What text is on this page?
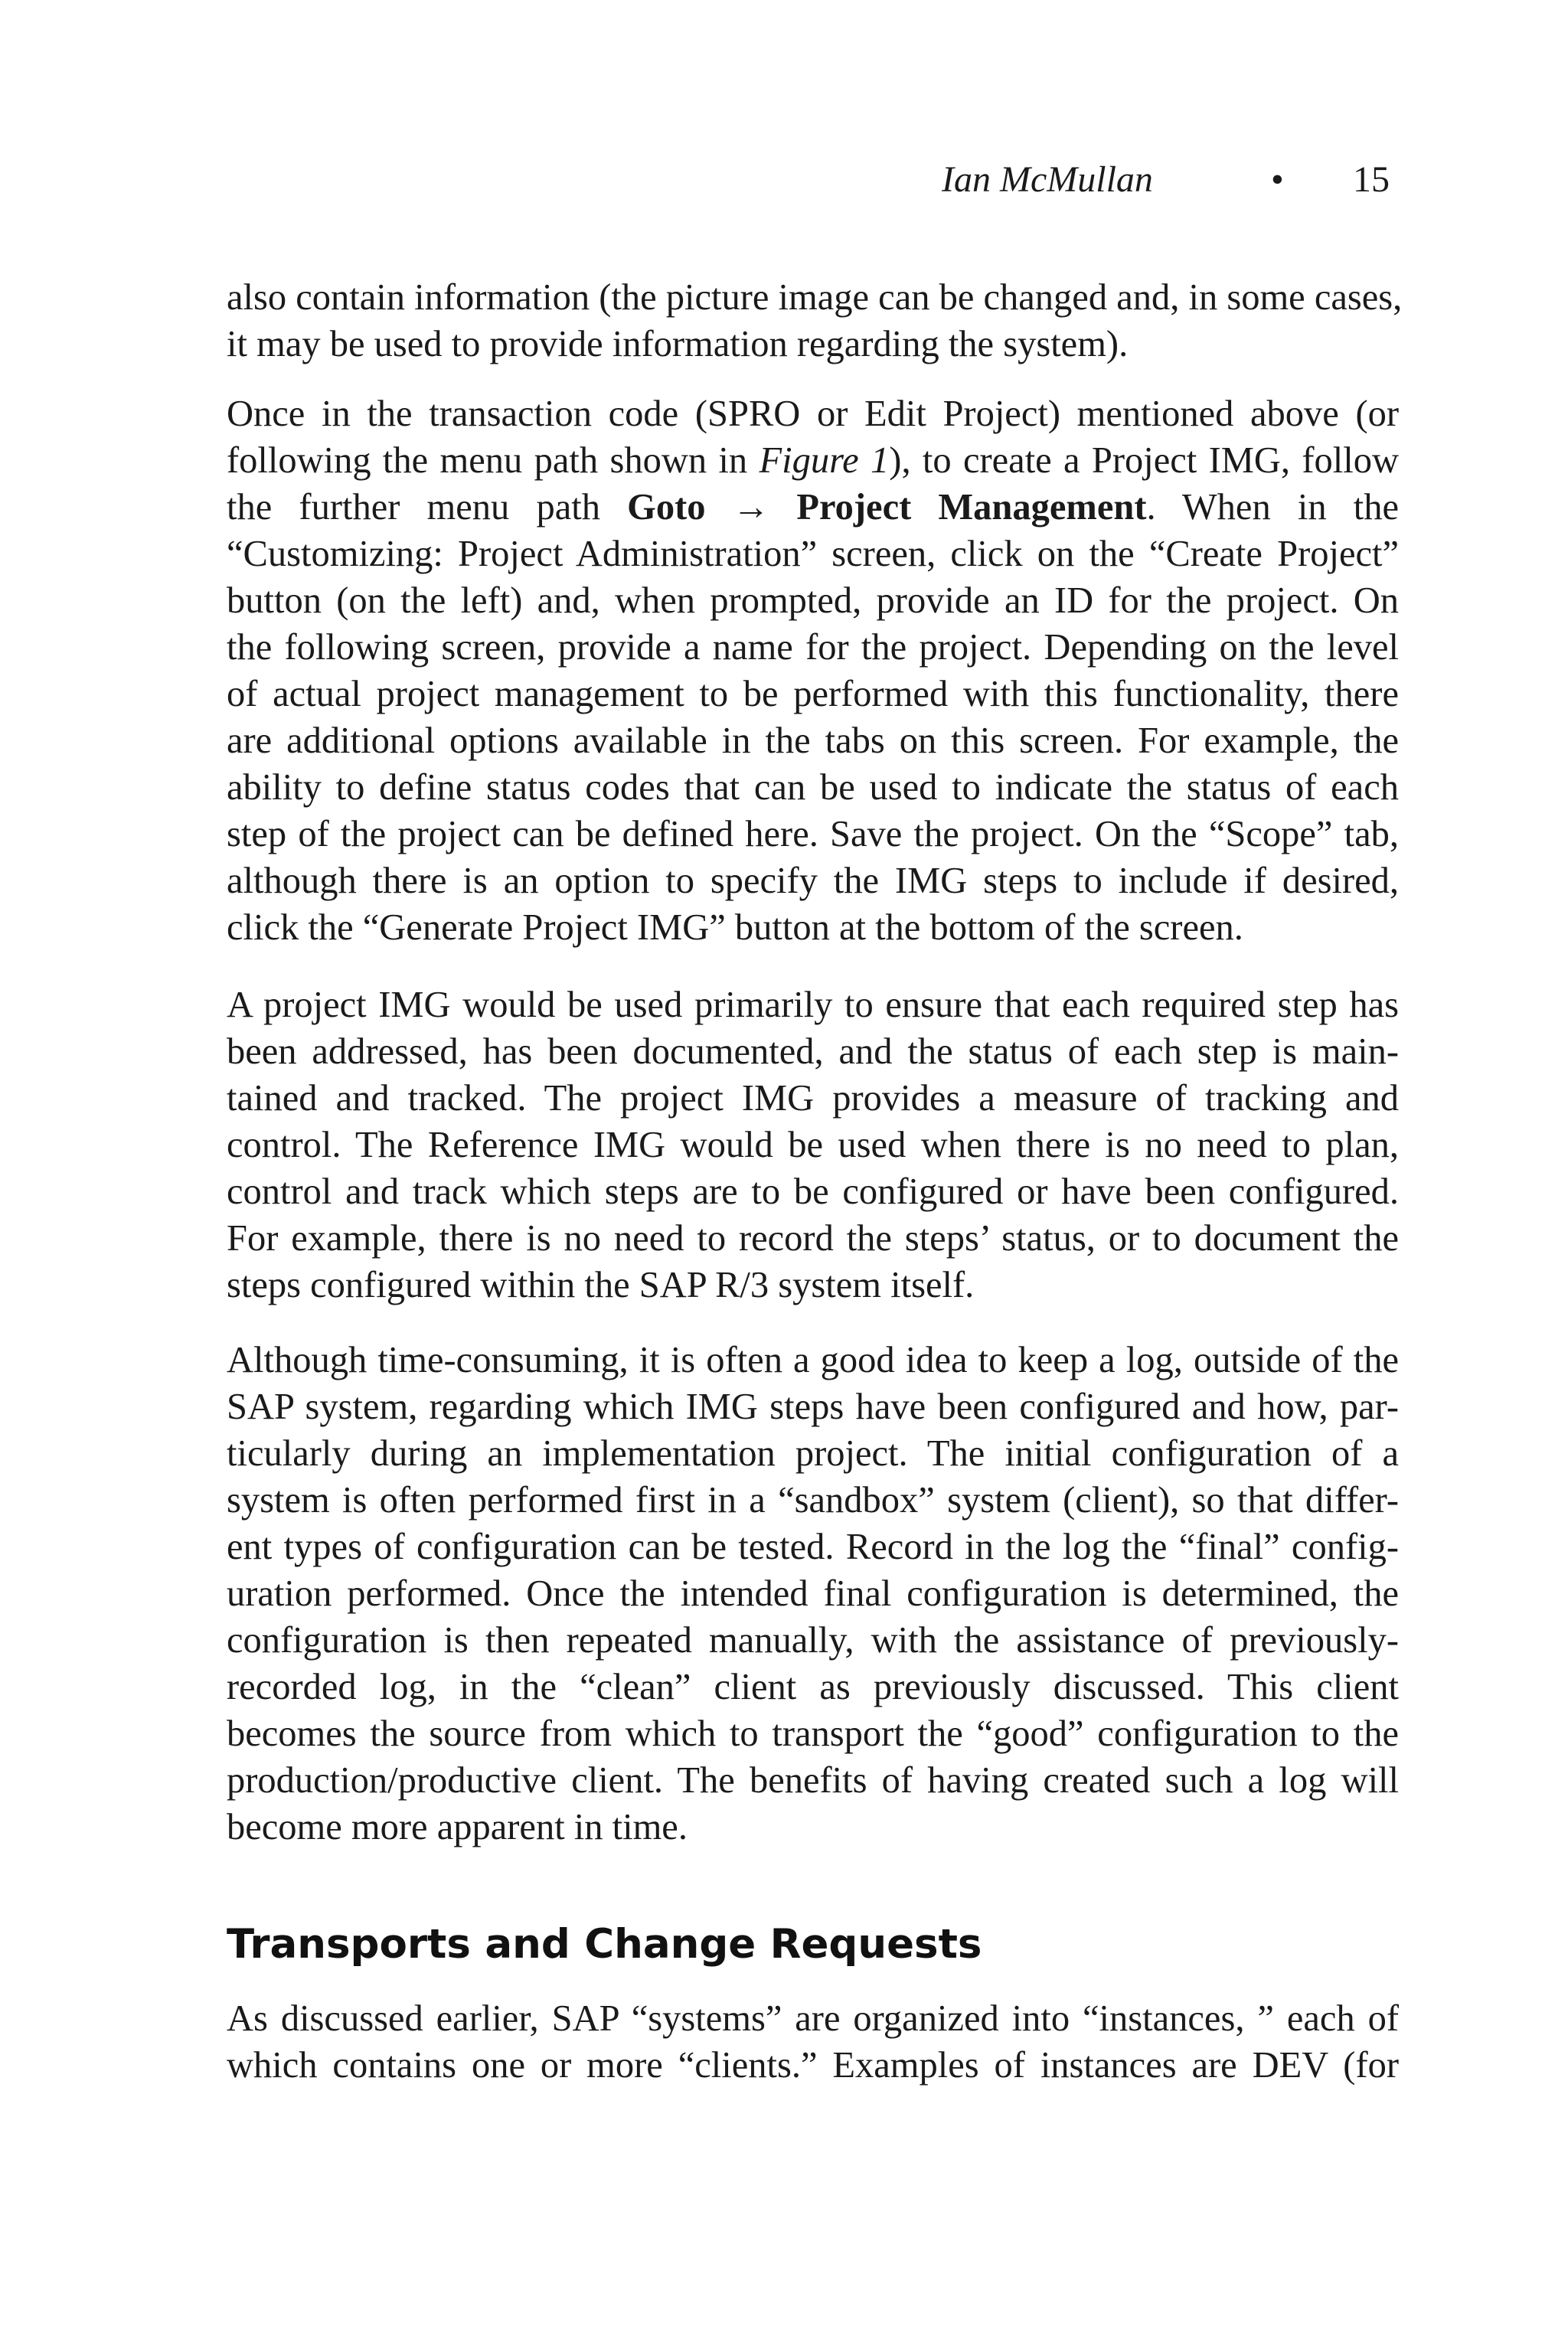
Ian McMullan	• 15
also contain information (the picture image can be changed and, in some cases,
it may be used to provide information regarding the system).
Once in the transaction code (SPRO or Edit Project) mentioned above (or
following the menu path shown in Figure 1), to create a Project IMG, follow
the further menu path Goto → Project Management. When in the
“Customizing: Project Administration” screen, click on the “Create Project”
button (on the left) and, when prompted, provide an ID for the project. On
the following screen, provide a name for the project. Depending on the level
of actual project management to be performed with this functionality, there
are additional options available in the tabs on this screen. For example, the
ability to define status codes that can be used to indicate the status of each
step of the project can be defined here. Save the project. On the “Scope” tab,
although there is an option to specify the IMG steps to include if desired,
click the “Generate Project IMG” button at the bottom of the screen.
A project IMG would be used primarily to ensure that each required step has
been addressed, has been documented, and the status of each step is main-
tained and tracked. The project IMG provides a measure of tracking and
control. The Reference IMG would be used when there is no need to plan,
control and track which steps are to be configured or have been configured.
For example, there is no need to record the steps’ status, or to document the
steps configured within the SAP R/3 system itself.
Although time-consuming, it is often a good idea to keep a log, outside of the
SAP system, regarding which IMG steps have been configured and how, par-
ticularly during an implementation project. The initial configuration of a
system is often performed first in a “sandbox” system (client), so that differ-
ent types of configuration can be tested. Record in the log the “final” config-
uration performed. Once the intended final configuration is determined, the
configuration is then repeated manually, with the assistance of previously-
recorded log, in the “clean” client as previously discussed. This client
becomes the source from which to transport the “good” configuration to the
production/productive client. The benefits of having created such a log will
become more apparent in time.
Transports and Change Requests
As discussed earlier, SAP “systems” are organized into “instances, ” each of
which contains one or more “clients.” Examples of instances are DEV (for
